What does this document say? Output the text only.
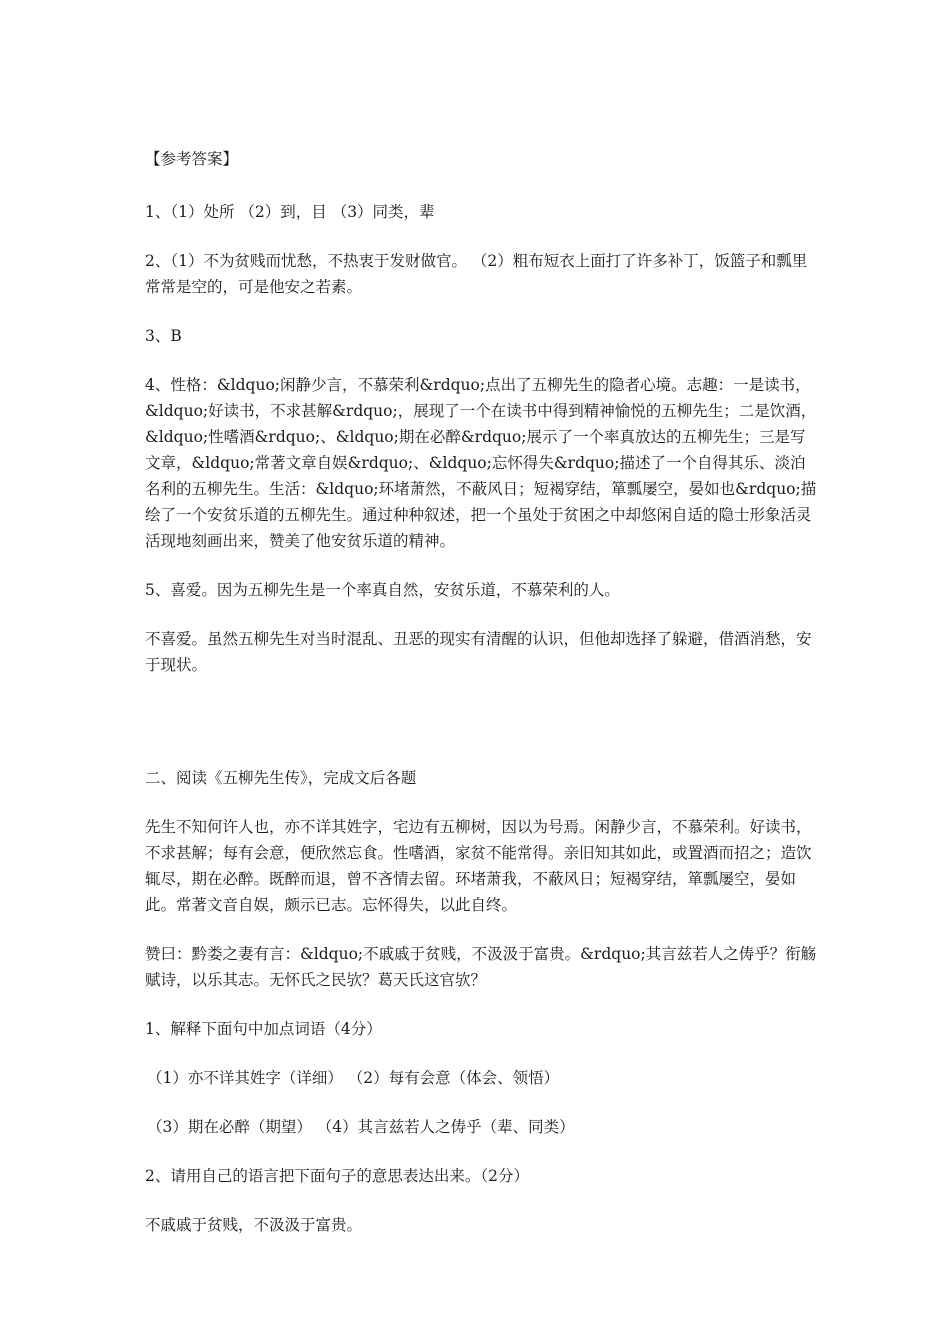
【参考答案】

1、（1）处所 （2）到，目 （3）同类，辈

2、（1）不为贫贱而忧愁，不热衷于发财做官。 （2）粗布短衣上面打了许多补丁，饭篮子和瓢里常常是空的，可是他安之若素。

3、B

4、性格：&ldquo;闲静少言，不慕荣利&rdquo;点出了五柳先生的隐者心境。志趣：一是读书，&ldquo;好读书，不求甚解&rdquo;，展现了一个在读书中得到精神愉悦的五柳先生；二是饮酒，&ldquo;性嗜酒&rdquo;、&ldquo;期在必醉&rdquo;展示了一个率真放达的五柳先生；三是写文章，&ldquo;常著文章自娱&rdquo;、&ldquo;忘怀得失&rdquo;描述了一个自得其乐、淡泊名利的五柳先生。生活：&ldquo;环堵萧然，不蔽风日；短褐穿结，箪瓢屡空，晏如也&rdquo;描绘了一个安贫乐道的五柳先生。通过种种叙述，把一个虽处于贫困之中却悠闲自适的隐士形象活灵活现地刻画出来，赞美了他安贫乐道的精神。

5、喜爱。因为五柳先生是一个率真自然，安贫乐道，不慕荣利的人。

不喜爱。虽然五柳先生对当时混乱、丑恶的现实有清醒的认识，但他却选择了躲避，借酒消愁，安于现状。

二、阅读《五柳先生传》，完成文后各题

先生不知何许人也，亦不详其姓字，宅边有五柳树，因以为号焉。闲静少言，不慕荣利。好读书，不求甚解；每有会意，便欣然忘食。性嗜酒，家贫不能常得。亲旧知其如此，或置酒而招之；造饮辄尽，期在必醉。既醉而退，曾不吝情去留。环堵萧我，不蔽风日；短褐穿结，箪瓢屡空，晏如此。常著文音自娱，颇示已志。忘怀得失，以此自终。

赞曰：黔娄之妻有言：&ldquo;不戚戚于贫贱，不汲汲于富贵。&rdquo;其言兹若人之俦乎？衔觞赋诗，以乐其志。无怀氏之民欤？葛天氏这官欤？

1、解释下面句中加点词语（4分）

（1）亦不详其姓字（详细） （2）每有会意（体会、领悟）

（3）期在必醉（期望） （4）其言兹若人之俦乎（辈、同类）

2、请用自己的语言把下面句子的意思表达出来。（2分）

不戚戚于贫贱，不汲汲于富贵。
